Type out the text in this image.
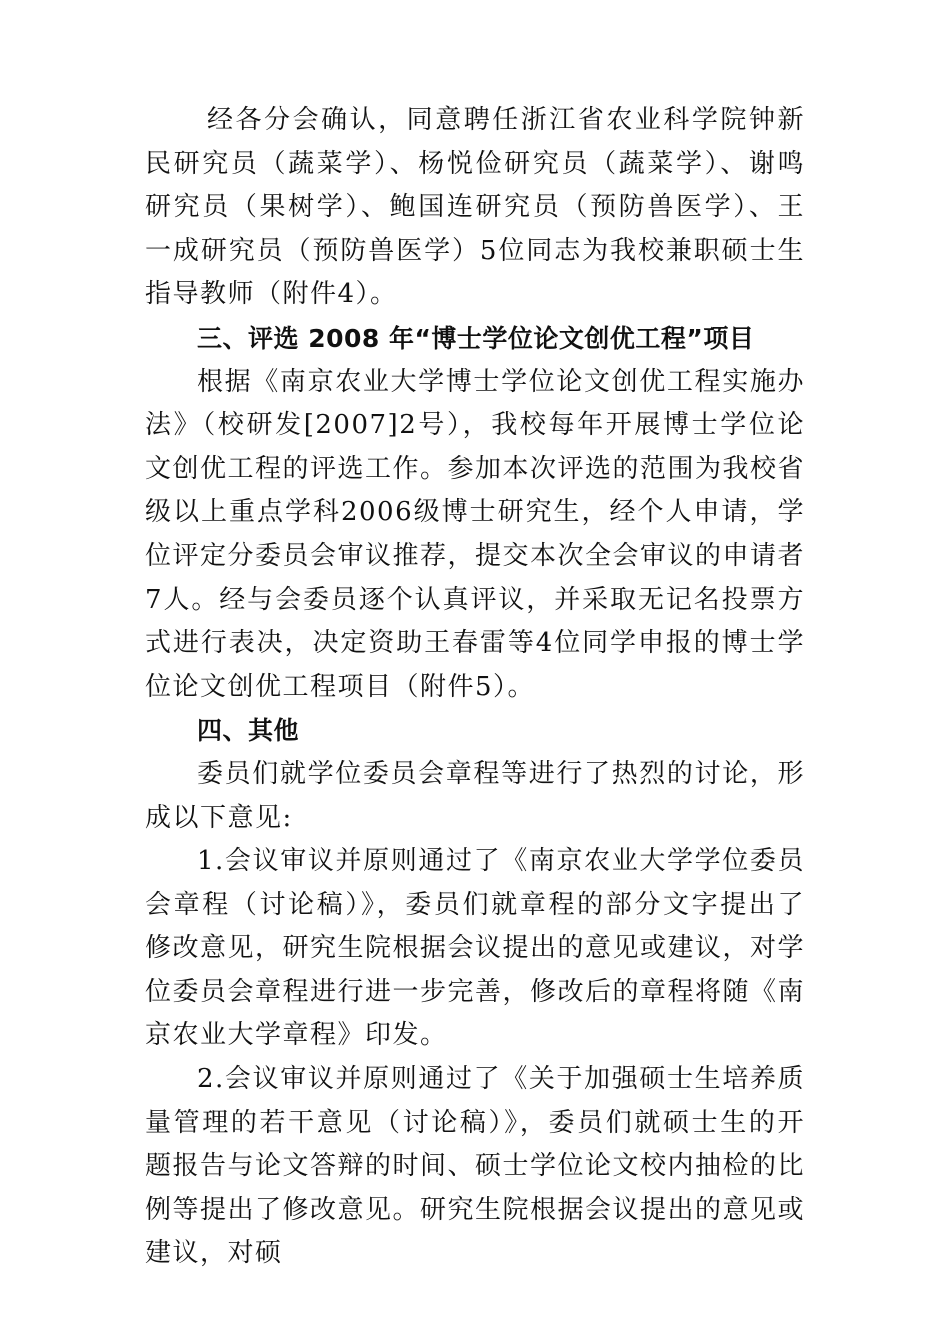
经各分会确认，同意聘任浙江省农业科学院钟新民研究员（蔬菜学）、杨悦俭研究员（蔬菜学）、谢鸣研究员（果树学）、鲍国连研究员（预防兽医学）、王一成研究员（预防兽医学）5位同志为我校兼职硕士生指导教师（附件4）。

三、评选 2008 年“博士学位论文创优工程”项目

根据《南京农业大学博士学位论文创优工程实施办法》（校研发[2007]2号），我校每年开展博士学位论文创优工程的评选工作。参加本次评选的范围为我校省级以上重点学科2006级博士研究生，经个人申请，学位评定分委员会审议推荐，提交本次全会审议的申请者7人。经与会委员逐个认真评议，并采取无记名投票方式进行表决，决定资助王春雷等4位同学申报的博士学位论文创优工程项目（附件5）。

四、其他

委员们就学位委员会章程等进行了热烈的讨论，形成以下意见:

1.会议审议并原则通过了《南京农业大学学位委员会章程（讨论稿）》，委员们就章程的部分文字提出了修改意见，研究生院根据会议提出的意见或建议，对学位委员会章程进行进一步完善，修改后的章程将随《南京农业大学章程》印发。

2.会议审议并原则通过了《关于加强硕士生培养质量管理的若干意见（讨论稿）》，委员们就硕士生的开题报告与论文答辩的时间、硕士学位论文校内抽检的比例等提出了修改意见。研究生院根据会议提出的意见或建议，对硕
